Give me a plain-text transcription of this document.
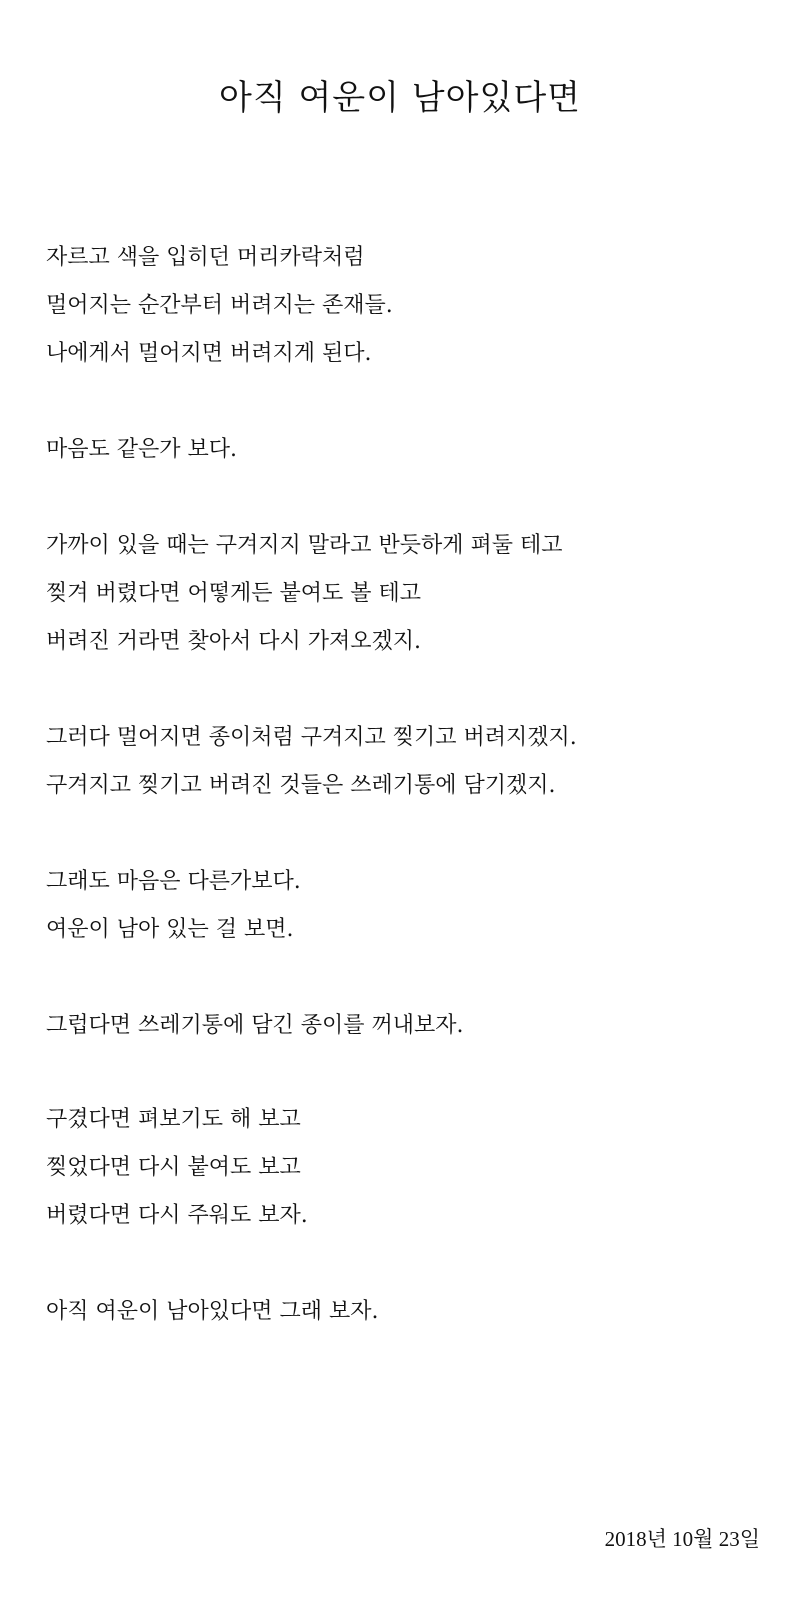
아직 여운이 남아있다면
자르고 색을 입히던 머리카락처럼
멀어지는 순간부터 버려지는 존재들.
나에게서 멀어지면 버려지게 된다.
마음도 같은가 보다.
가까이 있을 때는 구겨지지 말라고 반듯하게 펴둘 테고
찢겨 버렸다면 어떻게든 붙여도 볼 테고
버려진 거라면 찾아서 다시 가져오겠지.
그러다 멀어지면 종이처럼 구겨지고 찢기고 버려지겠지.
구겨지고 찢기고 버려진 것들은 쓰레기통에 담기겠지.
그래도 마음은 다른가보다.
여운이 남아 있는 걸 보면.
그럽다면 쓰레기통에 담긴 종이를 꺼내보자.
구겼다면 펴보기도 해 보고
찢었다면 다시 붙여도 보고
버렸다면 다시 주워도 보자.
아직 여운이 남아있다면 그래 보자.
2018년 10월 23일
